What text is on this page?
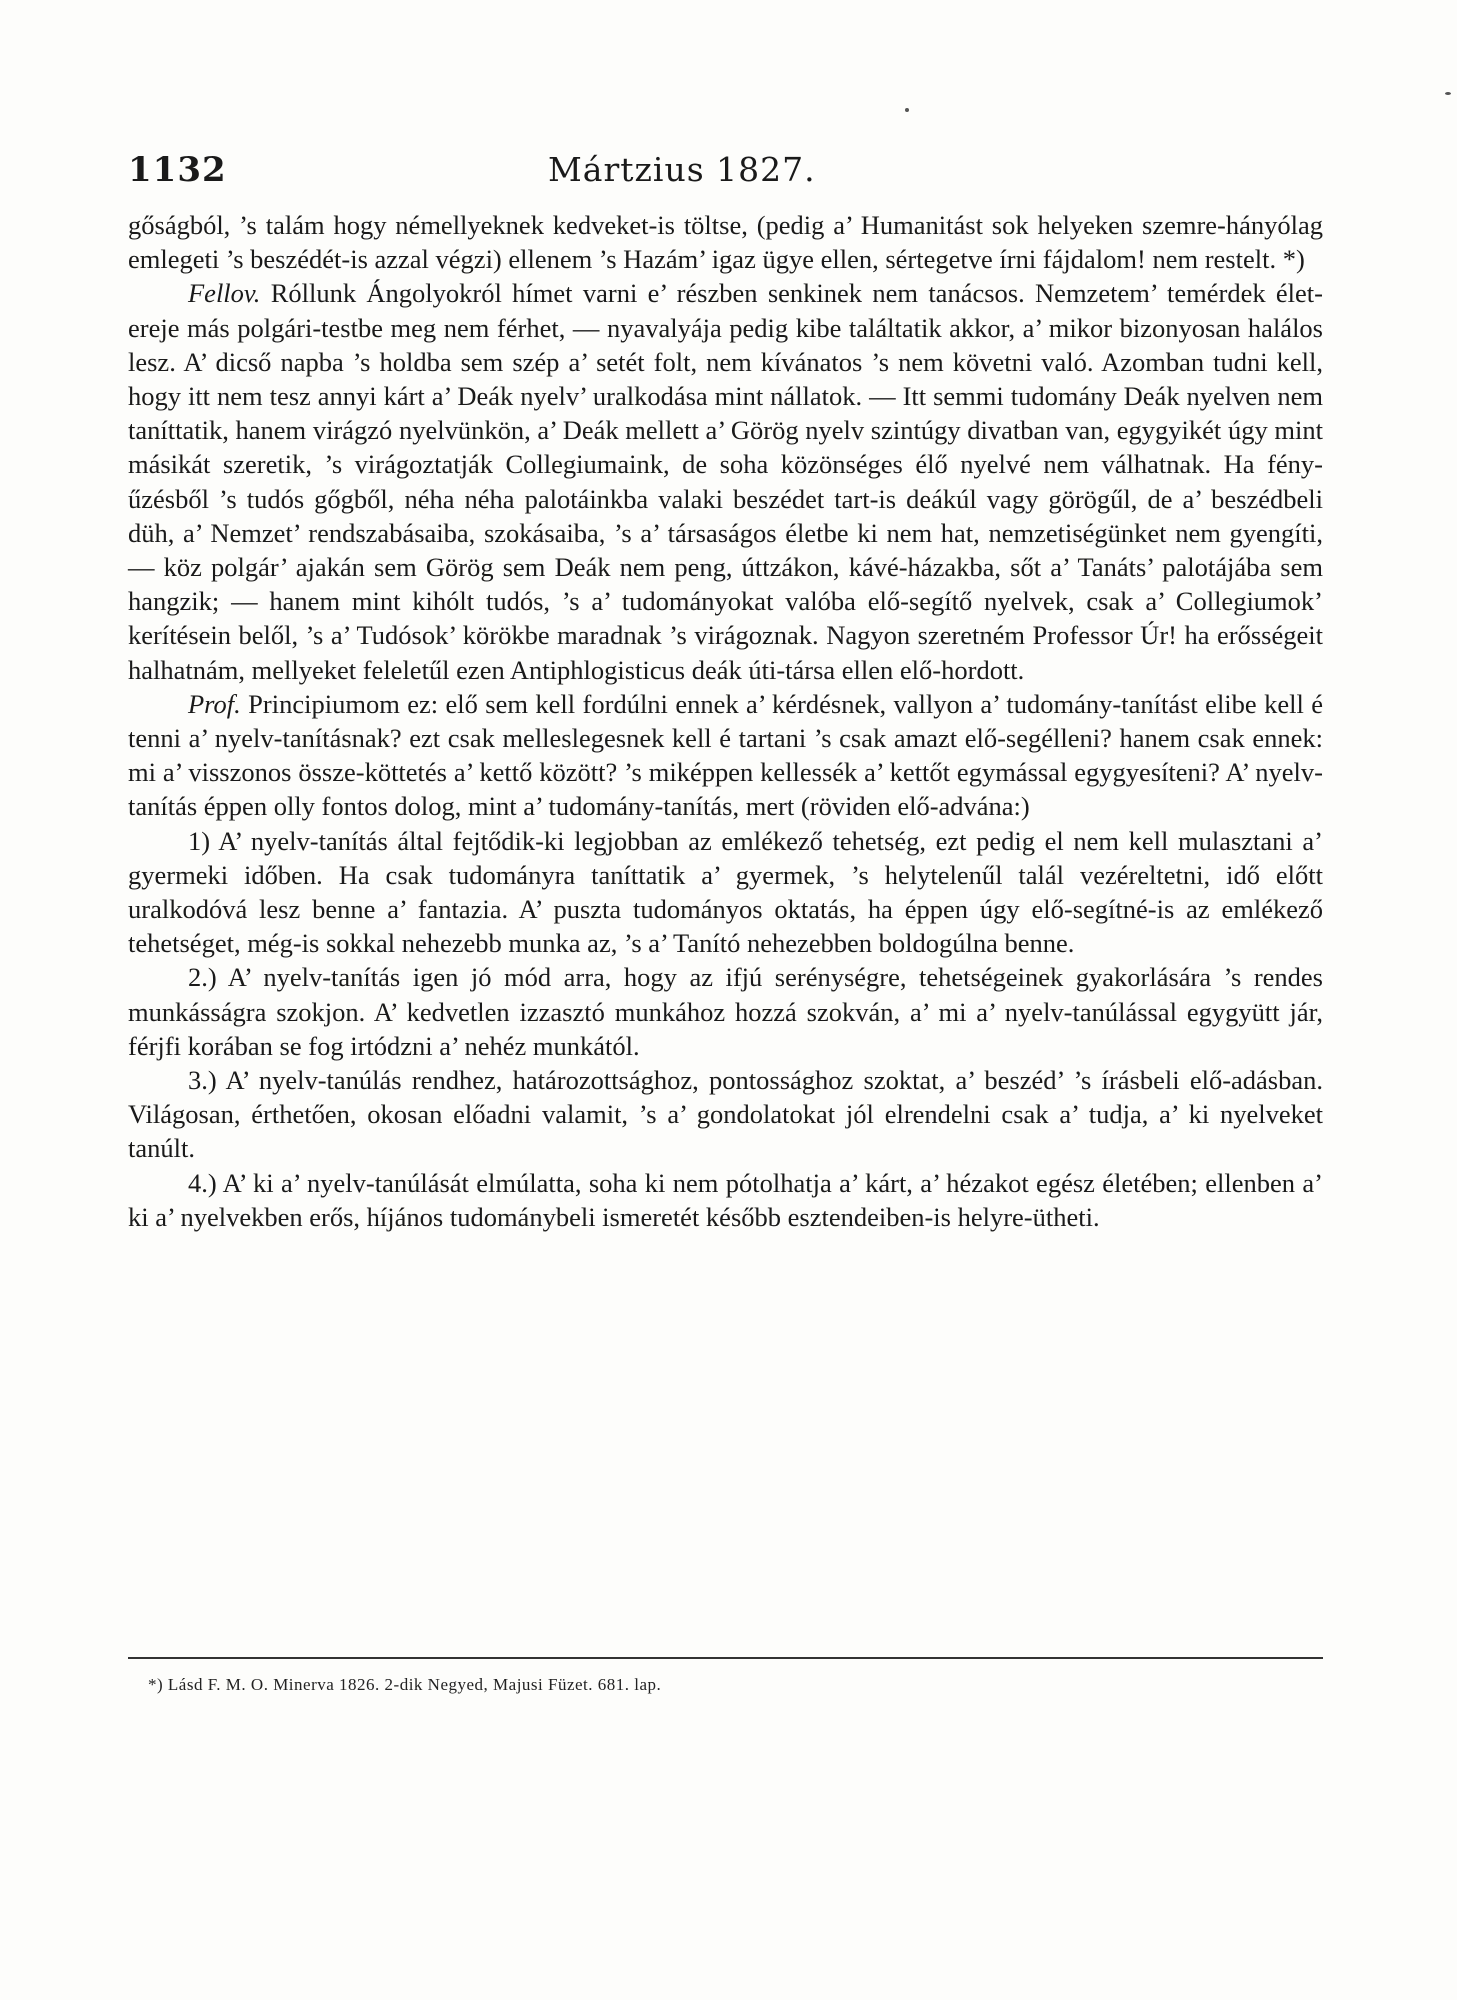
1132	Mártzius 1827.

gőságból, ’s talám hogy némellyeknek kedveket-is töltse, (pedig a’ Humanitást sok helyeken szemre-hányólag emlegeti ’s beszédét-is azzal végzi) ellenem ’s Hazám’ igaz ügye ellen, sértegetve írni fájdalom! nem restelt. *)

Fellov. Róllunk Ángolyokról hímet varni e’ részben senkinek nem tanácsos. Nemzetem’ temérdek élet-ereje más polgári-testbe meg nem férhet, — nyavalyája pedig kibe találtatik akkor, a’ mikor bizonyosan halálos lesz. A’ dicső napba ’s holdba sem szép a’ setét folt, nem kívánatos ’s nem követni való. Azomban tudni kell, hogy itt nem tesz annyi kárt a’ Deák nyelv’ uralkodása mint nállatok. — Itt semmi tudomány Deák nyelven nem taníttatik, hanem virágzó nyelvünkön, a’ Deák mellett a’ Görög nyelv szintúgy divatban van, egygyikét úgy mint másikát szeretik, ’s virágoztatják Collegiumaink, de soha közönséges élő nyelvé nem válhatnak. Ha fény-űzésből ’s tudós gőgből, néha néha palotáinkba valaki beszédet tart-is deákúl vagy görögűl, de a’ beszédbeli düh, a’ Nemzet’ rendszabásaiba, szokásaiba, ’s a’ társaságos életbe ki nem hat, nemzetiségünket nem gyengíti, — köz polgár’ ajakán sem Görög sem Deák nem peng, úttzákon, kávé-házakba, sőt a’ Tanáts’ palotájába sem hangzik; — hanem mint kihólt tudós, ’s a’ tudományokat valóba elő-segítő nyelvek, csak a’ Collegiumok’ kerítésein belől, ’s a’ Tudósok’ körökbe maradnak ’s virágoznak. Nagyon szeretném Professor Úr! ha erősségeit halhatnám, mellyeket feleletűl ezen Antiphlogisticus deák úti-társa ellen elő-hordott.

Prof. Principiumom ez: elő sem kell fordúlni ennek a’ kérdésnek, vallyon a’ tudomány-tanítást elibe kell é tenni a’ nyelv-tanításnak? ezt csak melleslegesnek kell é tartani ’s csak amazt elő-segélleni? hanem csak ennek: mi a’ visszonos össze-köttetés a’ kettő között? ’s miképpen kellessék a’ kettőt egymással egygyesíteni? A’ nyelv-tanítás éppen olly fontos dolog, mint a’ tudomány-tanítás, mert (röviden elő-advána:)

1) A’ nyelv-tanítás által fejtődik-ki legjobban az emlékező tehetség, ezt pedig el nem kell mulasztani a’ gyermeki időben. Ha csak tudományra taníttatik a’ gyermek, ’s helytelenűl talál vezéreltetni, idő előtt uralkodóvá lesz benne a’ fantazia. A’ puszta tudományos oktatás, ha éppen úgy elő-segítné-is az emlékező tehetséget, még-is sokkal nehezebb munka az, ’s a’ Tanító nehezebben boldogúlna benne.

2.) A’ nyelv-tanítás igen jó mód arra, hogy az ifjú serénységre, tehetségeinek gyakorlására ’s rendes munkásságra szokjon. A’ kedvetlen izzasztó munkához hozzá szokván, a’ mi a’ nyelv-tanúlással egygyütt jár, férjfi korában se fog irtódzni a’ nehéz munkától.

3.) A’ nyelv-tanúlás rendhez, határozottsághoz, pontossághoz szoktat, a’ beszéd’ ’s írásbeli elő-adásban. Világosan, érthetően, okosan előadni valamit, ’s a’ gondolatokat jól elrendelni csak a’ tudja, a’ ki nyelveket tanúlt.

4.) A’ ki a’ nyelv-tanúlását elmúlatta, soha ki nem pótolhatja a’ kárt, a’ hézakot egész életében; ellenben a’ ki a’ nyelvekben erős, híjános tudománybeli ismeretét később esztendeiben-is helyre-ütheti.

*) Lásd F. M. O. Minerva 1826. 2-dik Negyed, Majusi Füzet. 681. lap.
